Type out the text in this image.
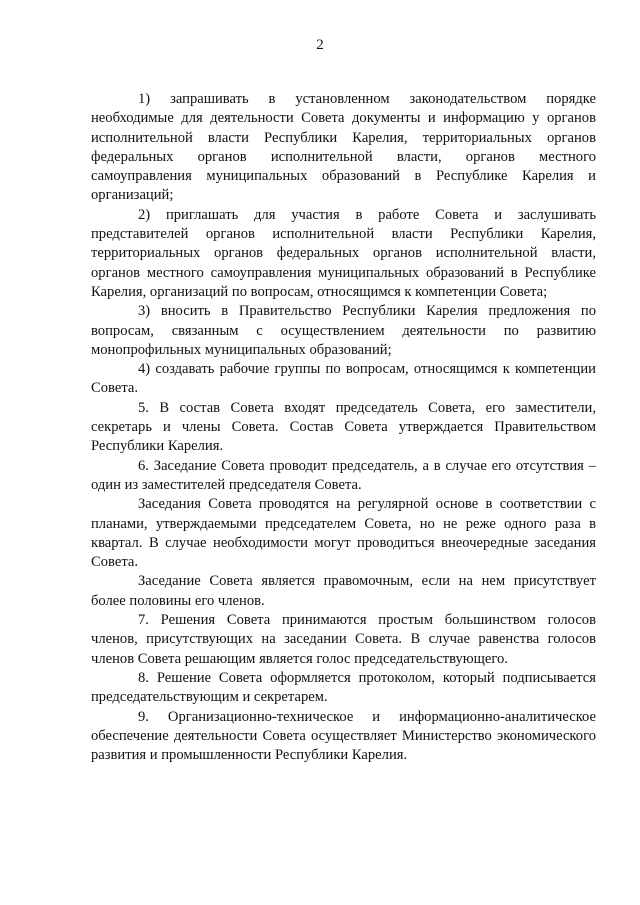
2

1) запрашивать в установленном законодательством порядке необходимые для деятельности Совета документы и информацию у органов исполнительной власти Республики Карелия, территориальных органов федеральных органов исполнительной власти, органов местного самоуправления муниципальных образований в Республике Карелия и организаций;

2) приглашать для участия в работе Совета и заслушивать представителей органов исполнительной власти Республики Карелия, территориальных органов федеральных органов исполнительной власти, органов местного самоуправления муниципальных образований в Республике Карелия, организаций по вопросам, относящимся к компетенции Совета;

3) вносить в Правительство Республики Карелия предложения по вопросам, связанным с осуществлением деятельности по развитию монопрофильных муниципальных образований;

4) создавать рабочие группы по вопросам, относящимся к компетенции Совета.

5. В состав Совета входят председатель Совета, его заместители, секретарь и члены Совета. Состав Совета утверждается Правительством Республики Карелия.

6. Заседание Совета проводит председатель, а в случае его отсутствия – один из заместителей председателя Совета.

Заседания Совета проводятся на регулярной основе в соответствии с планами, утверждаемыми председателем Совета, но не реже одного раза в квартал. В случае необходимости могут проводиться внеочередные заседания Совета.

Заседание Совета является правомочным, если на нем присутствует более половины его членов.

7. Решения Совета принимаются простым большинством голосов членов, присутствующих на заседании Совета. В случае равенства голосов членов Совета решающим является голос председательствующего.

8. Решение Совета оформляется протоколом, который подписывается председательствующим и секретарем.

9. Организационно-техническое и информационно-аналитическое обеспечение деятельности Совета осуществляет Министерство экономического развития и промышленности Республики Карелия.
